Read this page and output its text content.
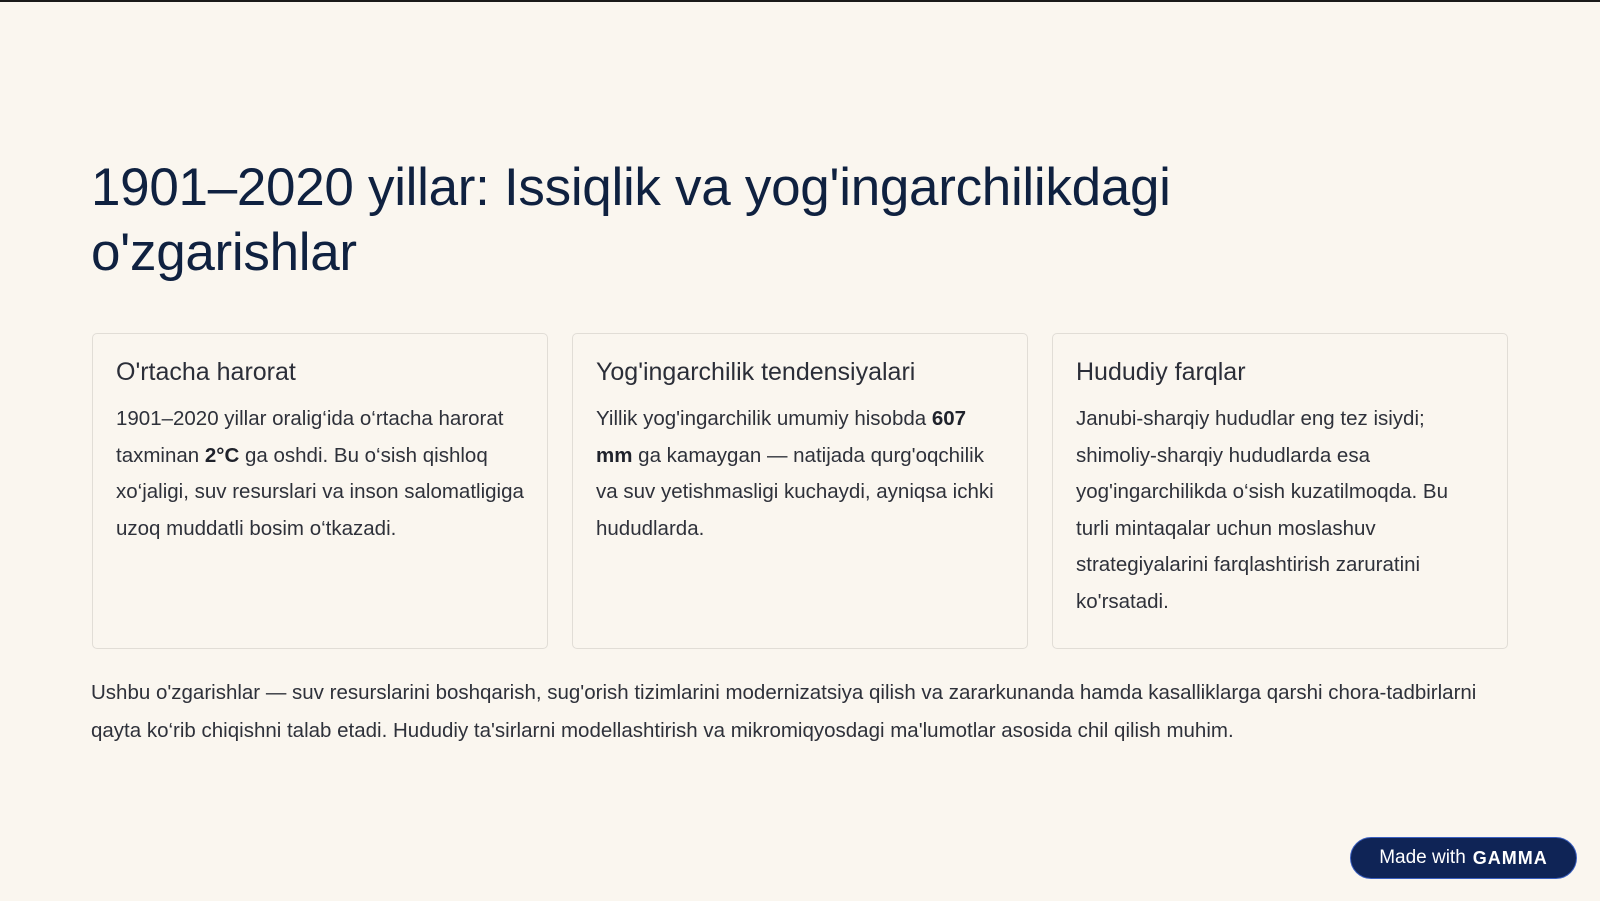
1901–2020 yillar: Issiqlik va yog'ingarchilikdagi o'zgarishlar
O'rtacha harorat

1901–2020 yillar oralig‘ida o‘rtacha harorat taxminan 2°C ga oshdi. Bu o‘sish qishloq xo‘jaligi, suv resurslari va inson salomatligiga uzoq muddatli bosim o‘tkazadi.

Yog'ingarchilik tendensiyalari

Yillik yog'ingarchilik umumiy hisobda 607 mm ga kamaygan — natijada qurg'oqchilik va suv yetishmasligi kuchaydi, ayniqsa ichki hududlarda.

Hududiy farqlar

Janubi-sharqiy hududlar eng tez isiydi; shimoliy-sharqiy hududlarda esa yog'ingarchilikda o‘sish kuzatilmoqda. Bu turli mintaqalar uchun moslashuv strategiyalarini farqlashtirish zaruratini ko'rsatadi.

Ushbu o'zgarishlar — suv resurslarini boshqarish, sug'orish tizimlarini modernizatsiya qilish va zararkunanda hamda kasalliklarga qarshi chora-tadbirlarni qayta ko‘rib chiqishni talab etadi. Hududiy ta'sirlarni modellashtirish va mikromiqyosdagi ma'lumotlar asosida chil qilish muhim.

Made with GAMMA
